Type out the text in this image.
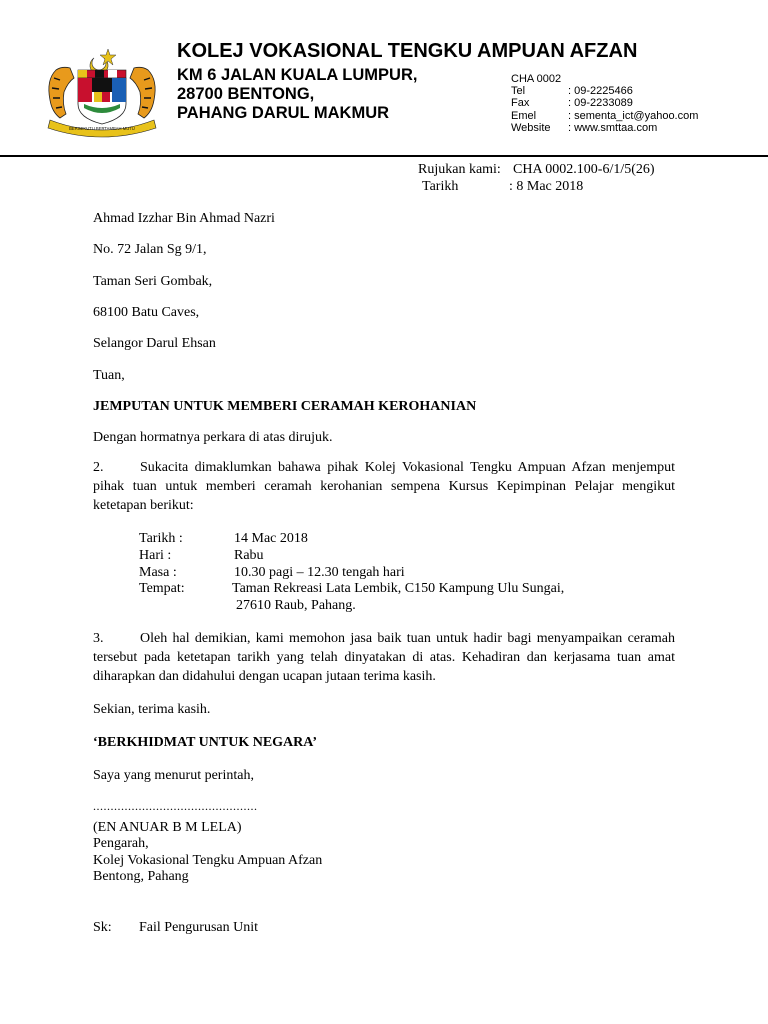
BERSEKUTU BERTAMBAH MUTU
KOLEJ VOKASIONAL TENGKU AMPUAN AFZAN
KM 6 JALAN KUALA LUMPUR,
28700 BENTONG,
PAHANG DARUL MAKMUR
CHA 0002
Tel	: 09-2225466
Fax	: 09-2233089
Emel	: sementa_ict@yahoo.com
Website : www.smttaa.com
Rujukan kami: CHA 0002.100-6/1/5(26)
Tarikh	: 8 Mac 2018
Ahmad Izzhar Bin Ahmad Nazri
No. 72 Jalan Sg 9/1,
Taman Seri Gombak,
68100 Batu Caves,
Selangor Darul Ehsan
Tuan,
JEMPUTAN UNTUK MEMBERI CERAMAH KEROHANIAN
Dengan hormatnya perkara di atas dirujuk.
2.	Sukacita dimaklumkan bahawa pihak Kolej Vokasional Tengku Ampuan Afzan menjemput pihak tuan untuk memberi ceramah kerohanian sempena Kursus Kepimpinan Pelajar mengikut ketetapan berikut:
Tarikh :	14 Mac 2018
Hari :	Rabu
Masa :	10.30 pagi – 12.30 tengah hari
Tempat:	Taman Rekreasi Lata Lembik, C150 Kampung Ulu Sungai,
27610 Raub, Pahang.
3.	Oleh hal demikian, kami memohon jasa baik tuan untuk hadir bagi menyampaikan ceramah tersebut pada ketetapan tarikh yang telah dinyatakan di atas. Kehadiran dan kerjasama tuan amat diharapkan dan didahului dengan ucapan jutaan terima kasih.
Sekian, terima kasih.
‘BERKHIDMAT UNTUK NEGARA’
Saya yang menurut perintah,
...............................................
(EN ANUAR B M LELA)
Pengarah,
Kolej Vokasional Tengku Ampuan Afzan
Bentong, Pahang
Sk: Fail Pengurusan Unit
